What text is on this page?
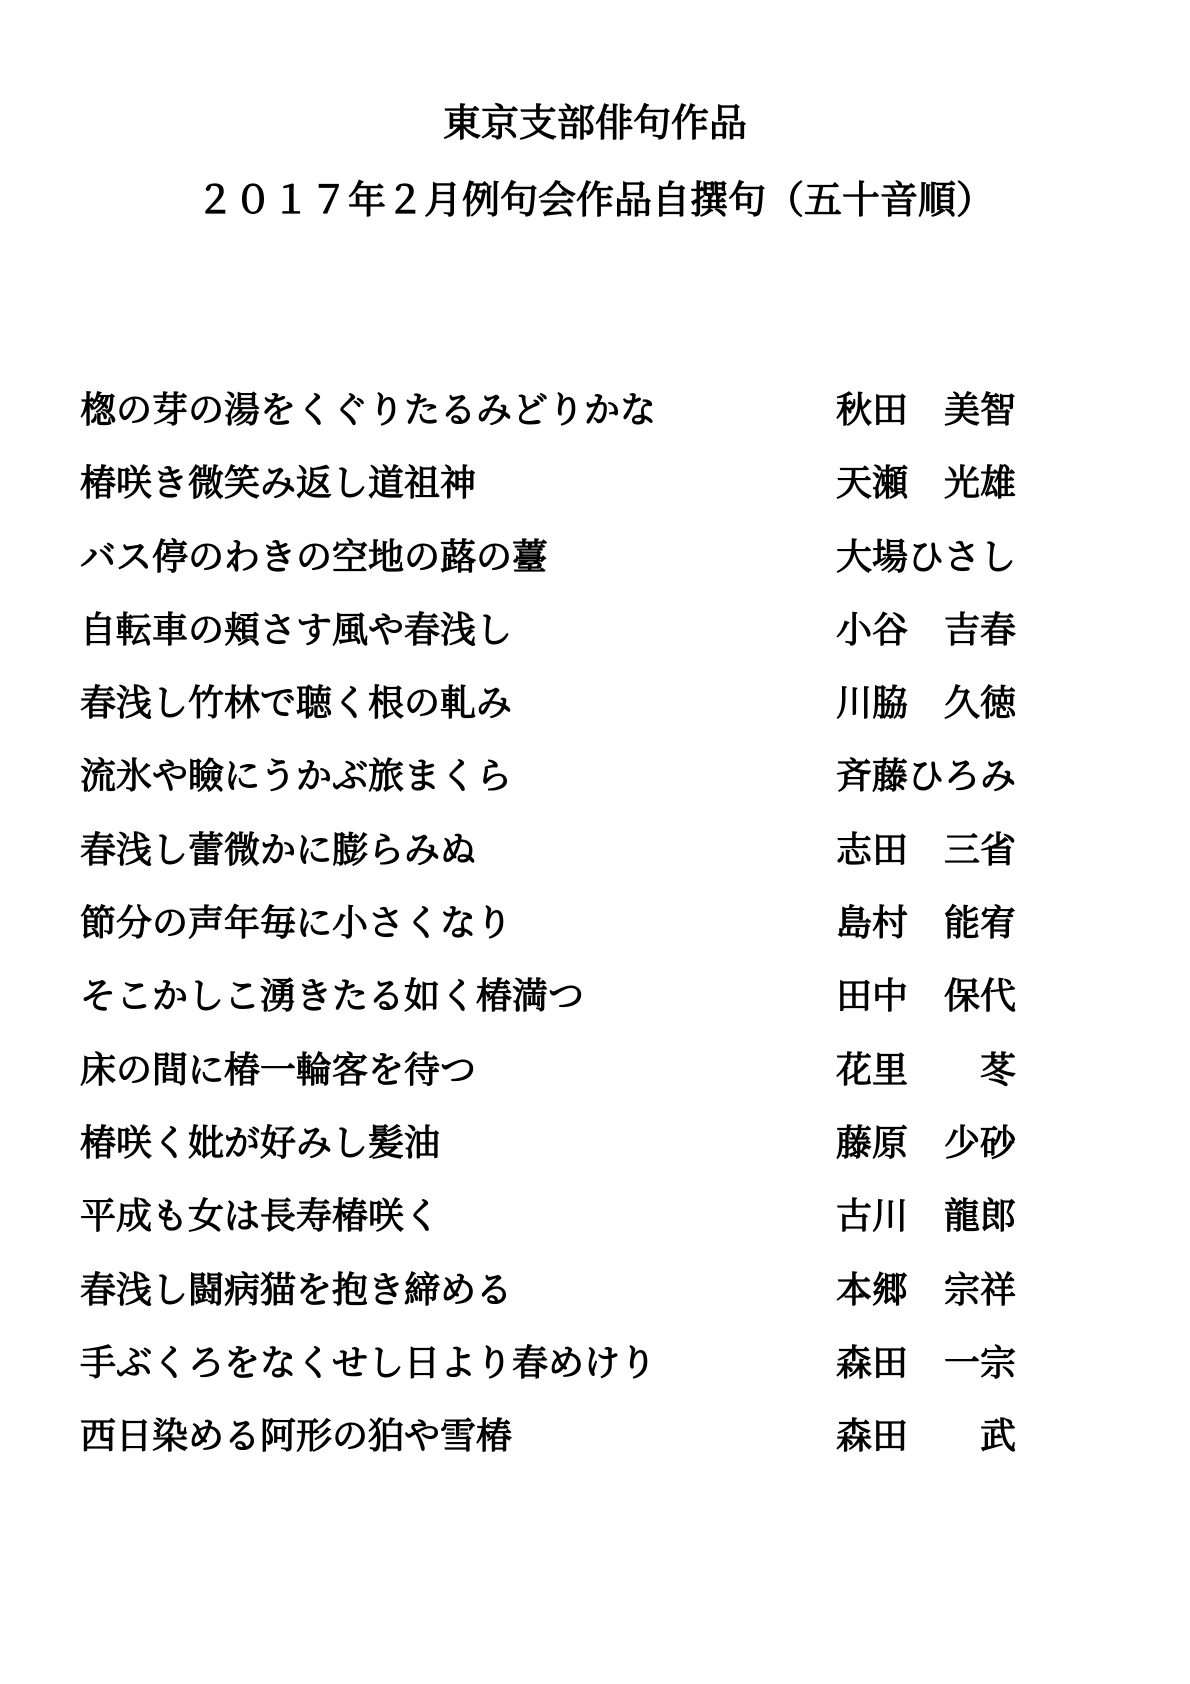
東京支部俳句作品
２０１７年２月例句会作品自撰句（五十音順）
楤の芽の湯をくぐりたるみどりかな	秋田　美智
椿咲き微笑み返し道祖神	天瀬　光雄
バス停のわきの空地の蕗の薹	大場ひさし
自転車の頬さす風や春浅し	小谷　吉春
春浅し竹林で聴く根の軋み	川脇　久徳
流氷や瞼にうかぶ旅まくら	斉藤ひろみ
春浅し蕾微かに膨らみぬ	志田　三省
節分の声年毎に小さくなり	島村　能宥
そこかしこ湧きたる如く椿満つ	田中　保代
床の間に椿一輪客を待つ	花里　　苳
椿咲く妣が好みし髪油	藤原　少砂
平成も女は長寿椿咲く	古川　龍郎
春浅し闘病猫を抱き締める	本郷　宗祥
手ぶくろをなくせし日より春めけり	森田　一宗
西日染める阿形の狛や雪椿	森田　　武
